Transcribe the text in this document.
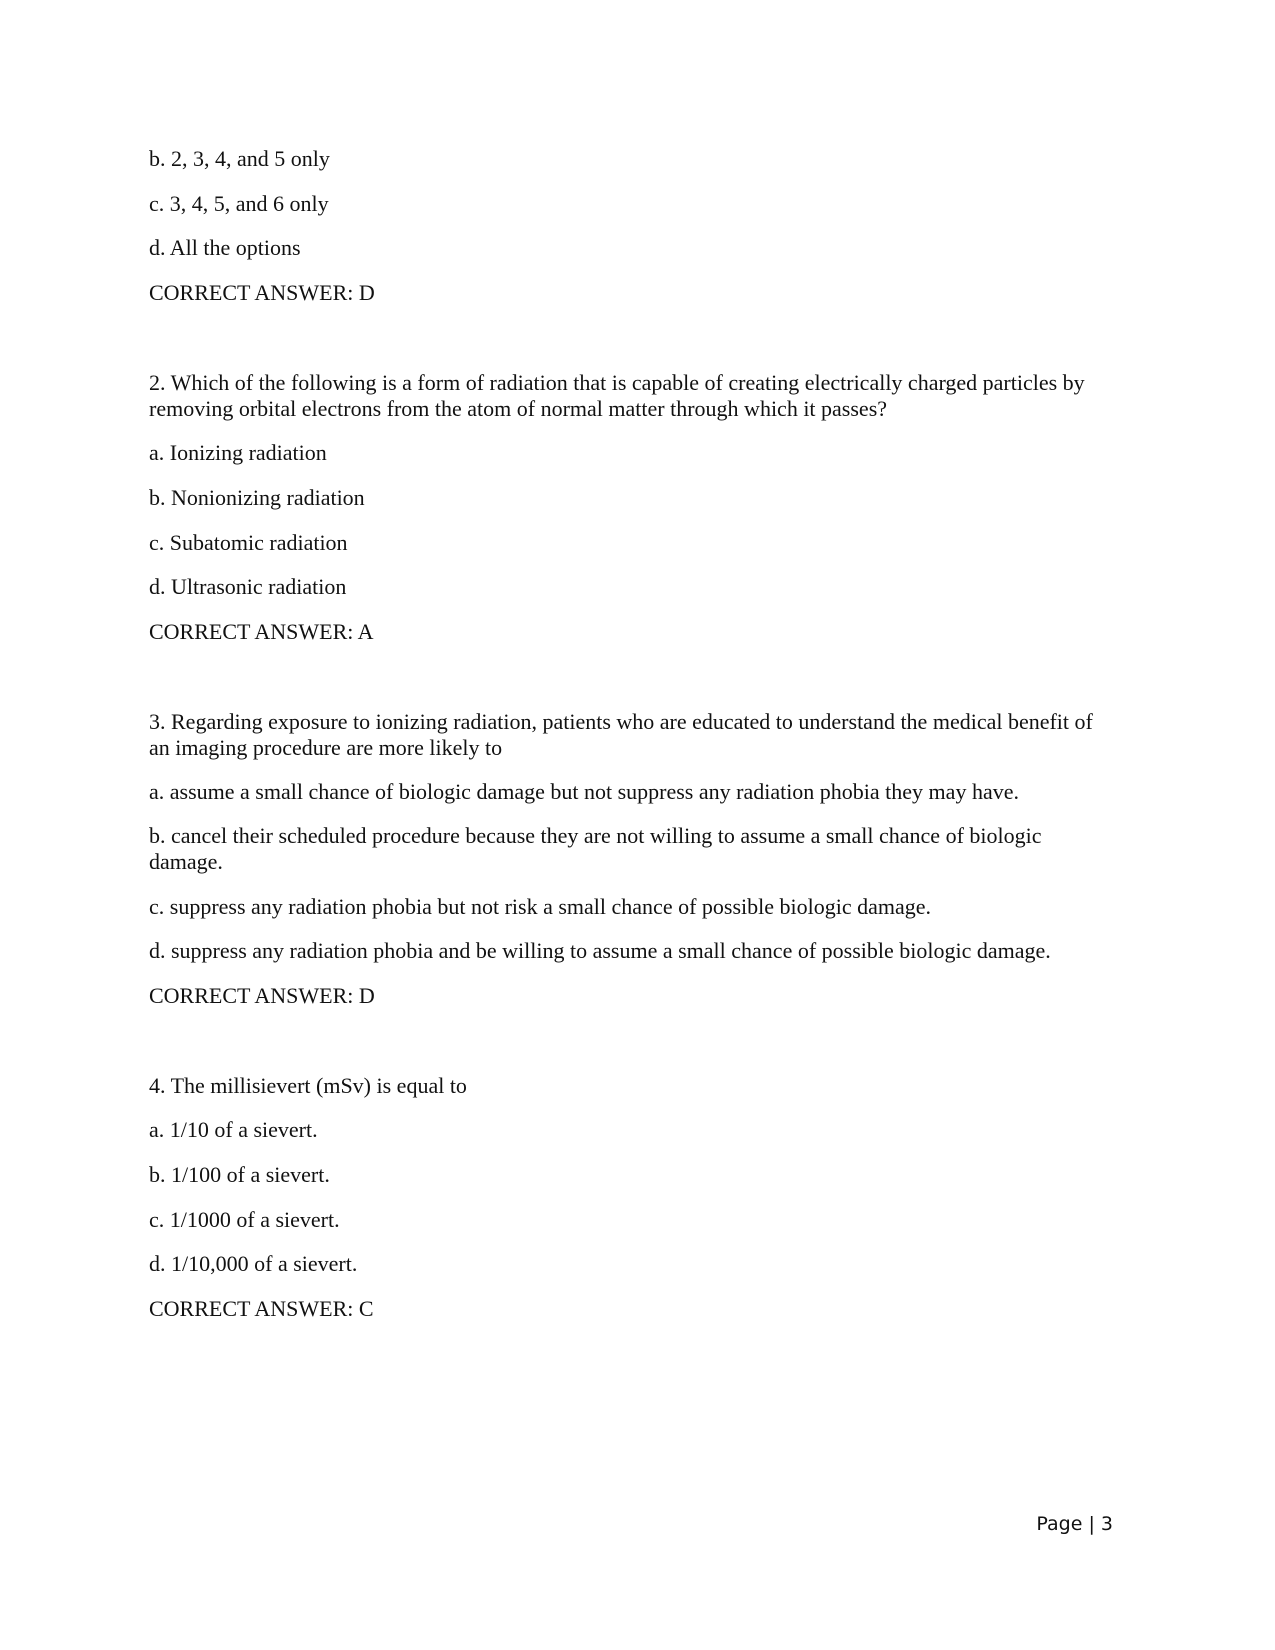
b. 2, 3, 4, and 5 only
c. 3, 4, 5, and 6 only
d. All the options
CORRECT ANSWER: D
2. Which of the following is a form of radiation that is capable of creating electrically charged particles by removing orbital electrons from the atom of normal matter through which it passes?
a. Ionizing radiation
b. Nonionizing radiation
c. Subatomic radiation
d. Ultrasonic radiation
CORRECT ANSWER: A
3. Regarding exposure to ionizing radiation, patients who are educated to understand the medical benefit of an imaging procedure are more likely to
a. assume a small chance of biologic damage but not suppress any radiation phobia they may have.
b. cancel their scheduled procedure because they are not willing to assume a small chance of biologic damage.
c. suppress any radiation phobia but not risk a small chance of possible biologic damage.
d. suppress any radiation phobia and be willing to assume a small chance of possible biologic damage.
CORRECT ANSWER: D
4. The millisievert (mSv) is equal to
a. 1/10 of a sievert.
b. 1/100 of a sievert.
c. 1/1000 of a sievert.
d. 1/10,000 of a sievert.
CORRECT ANSWER: C
Page | 3
